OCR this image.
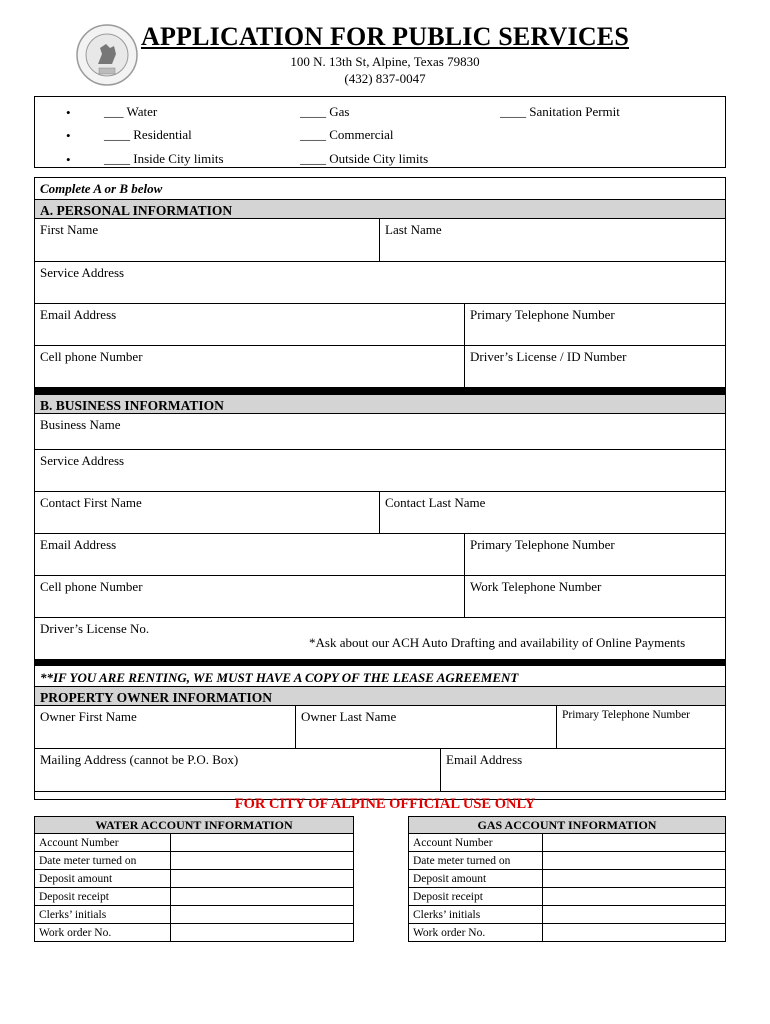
APPLICATION FOR PUBLIC SERVICES
100 N. 13th St, Alpine, Texas 79830
(432) 837-0047
•
•
•
___ Water	____ Gas	____ Sanitation Permit
____ Residential	____ Commercial
____ Inside City limits	____ Outside City limits
Complete A or B below
A. PERSONAL INFORMATION
First Name	Last Name
Service Address
Email Address	Primary Telephone Number
Cell phone Number	Driver’s License / ID Number
B. BUSINESS INFORMATION
Business Name
Service Address
Contact First Name	Contact Last Name
Email Address	Primary Telephone Number
Cell phone Number	Work Telephone Number
Driver’s License No.
*Ask about our ACH Auto Drafting and availability of Online Payments
**IF YOU ARE RENTING, WE MUST HAVE A COPY OF THE LEASE AGREEMENT
PROPERTY OWNER INFORMATION
Owner First Name	Owner Last Name	Primary Telephone Number
Mailing Address (cannot be P.O. Box)	Email Address
FOR CITY OF ALPINE OFFICIAL USE ONLY
WATER ACCOUNT INFORMATION	
Account Number	
Date meter turned on	
Deposit amount	
Deposit receipt	
Clerks’ initials	
Work order No.	
GAS ACCOUNT INFORMATION	
Account Number	
Date meter turned on	
Deposit amount	
Deposit receipt	
Clerks’ initials	
Work order No.	
